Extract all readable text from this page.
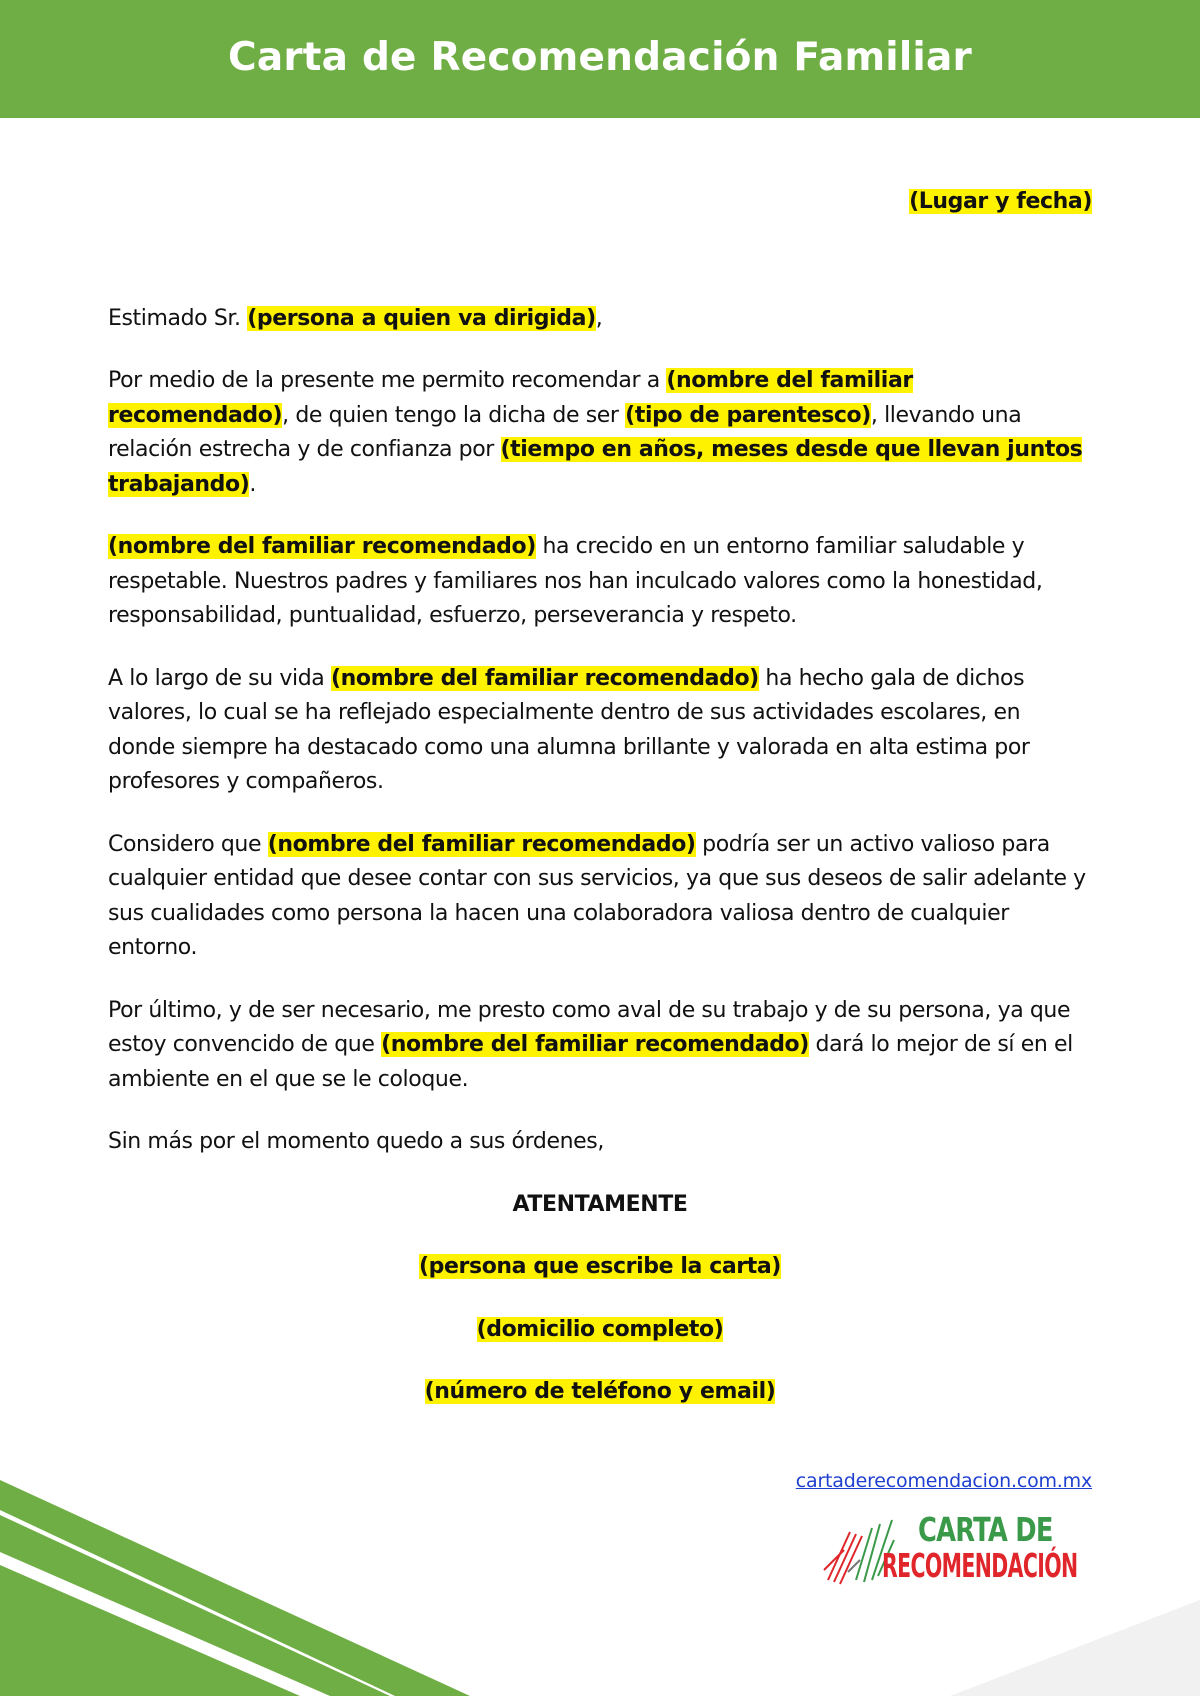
Carta de Recomendación Familiar
(Lugar y fecha)
Estimado Sr. (persona a quien va dirigida),
Por medio de la presente me permito recomendar a (nombre del familiar recomendado), de quien tengo la dicha de ser (tipo de parentesco), llevando una relación estrecha y de confianza por (tiempo en años, meses desde que llevan juntos trabajando).
(nombre del familiar recomendado) ha crecido en un entorno familiar saludable y respetable. Nuestros padres y familiares nos han inculcado valores como la honestidad, responsabilidad, puntualidad, esfuerzo, perseverancia y respeto.
A lo largo de su vida (nombre del familiar recomendado) ha hecho gala de dichos valores, lo cual se ha reflejado especialmente dentro de sus actividades escolares, en donde siempre ha destacado como una alumna brillante y valorada en alta estima por profesores y compañeros.
Considero que (nombre del familiar recomendado) podría ser un activo valioso para cualquier entidad que desee contar con sus servicios, ya que sus deseos de salir adelante y sus cualidades como persona la hacen una colaboradora valiosa dentro de cualquier entorno.
Por último, y de ser necesario, me presto como aval de su trabajo y de su persona, ya que estoy convencido de que (nombre del familiar recomendado) dará lo mejor de sí en el ambiente en el que se le coloque.
Sin más por el momento quedo a sus órdenes,
ATENTAMENTE
(persona que escribe la carta)
(domicilio completo)
(número de teléfono y email)
cartaderecomendacion.com.mx
CARTA DE
RECOMENDACIÓN
